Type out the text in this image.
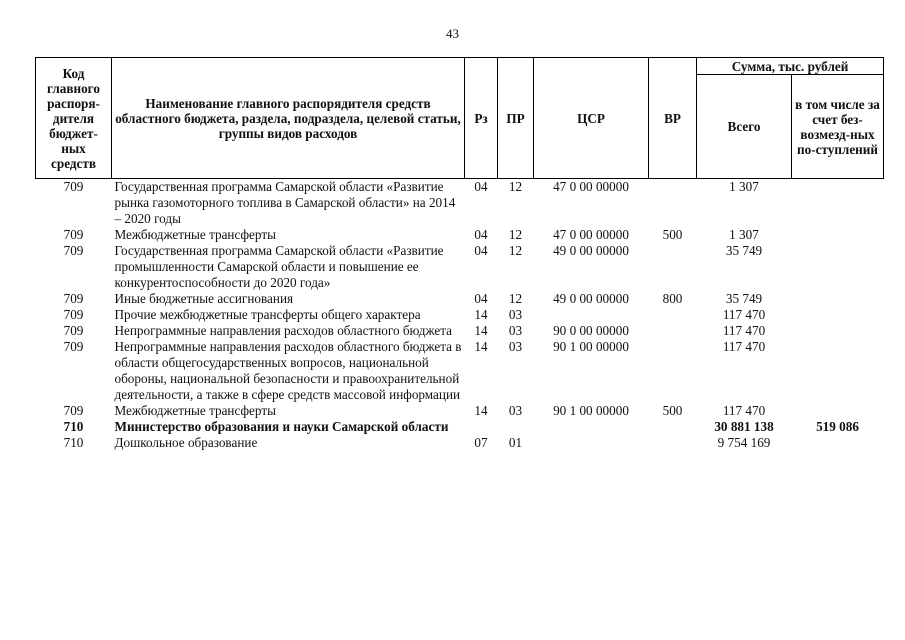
43
Код главного распоря-дителя бюджет-ных средств	Наименование главного распорядителя средств областного бюджета, раздела, подраздела, целевой статьи, группы видов расходов	Рз	ПР	ЦСР	ВР	Сумма, тыс. рублей	
						Всего	в том числе за счет без-возмезд-ных по-ступлений
709	Государственная программа Самарской области «Развитие рынка газомоторного топлива в Самарской области» на 2014 – 2020 годы	04	12	47 0 00 00000		1 307	
709	Межбюджетные трансферты	04	12	47 0 00 00000	500	1 307	
709	Государственная программа Самарской области «Развитие промышленности Самарской области и повышение ее конкурентоспособности до 2020 года»	04	12	49 0 00 00000		35 749	
709	Иные бюджетные ассигнования	04	12	49 0 00 00000	800	35 749	
709	Прочие межбюджетные трансферты общего характера	14	03			117 470	
709	Непрограммные направления расходов областного бюджета	14	03	90 0 00 00000		117 470	
709	Непрограммные направления расходов областного бюджета в области общегосударственных вопросов, национальной обороны, национальной безопасности и правоохранительной деятельности, а также в сфере средств массовой информации	14	03	90 1 00 00000		117 470	
709	Межбюджетные трансферты	14	03	90 1 00 00000	500	117 470	
710	Министерство образования и науки Самарской области					30 881 138	519 086
710	Дошкольное образование	07	01			9 754 169	
